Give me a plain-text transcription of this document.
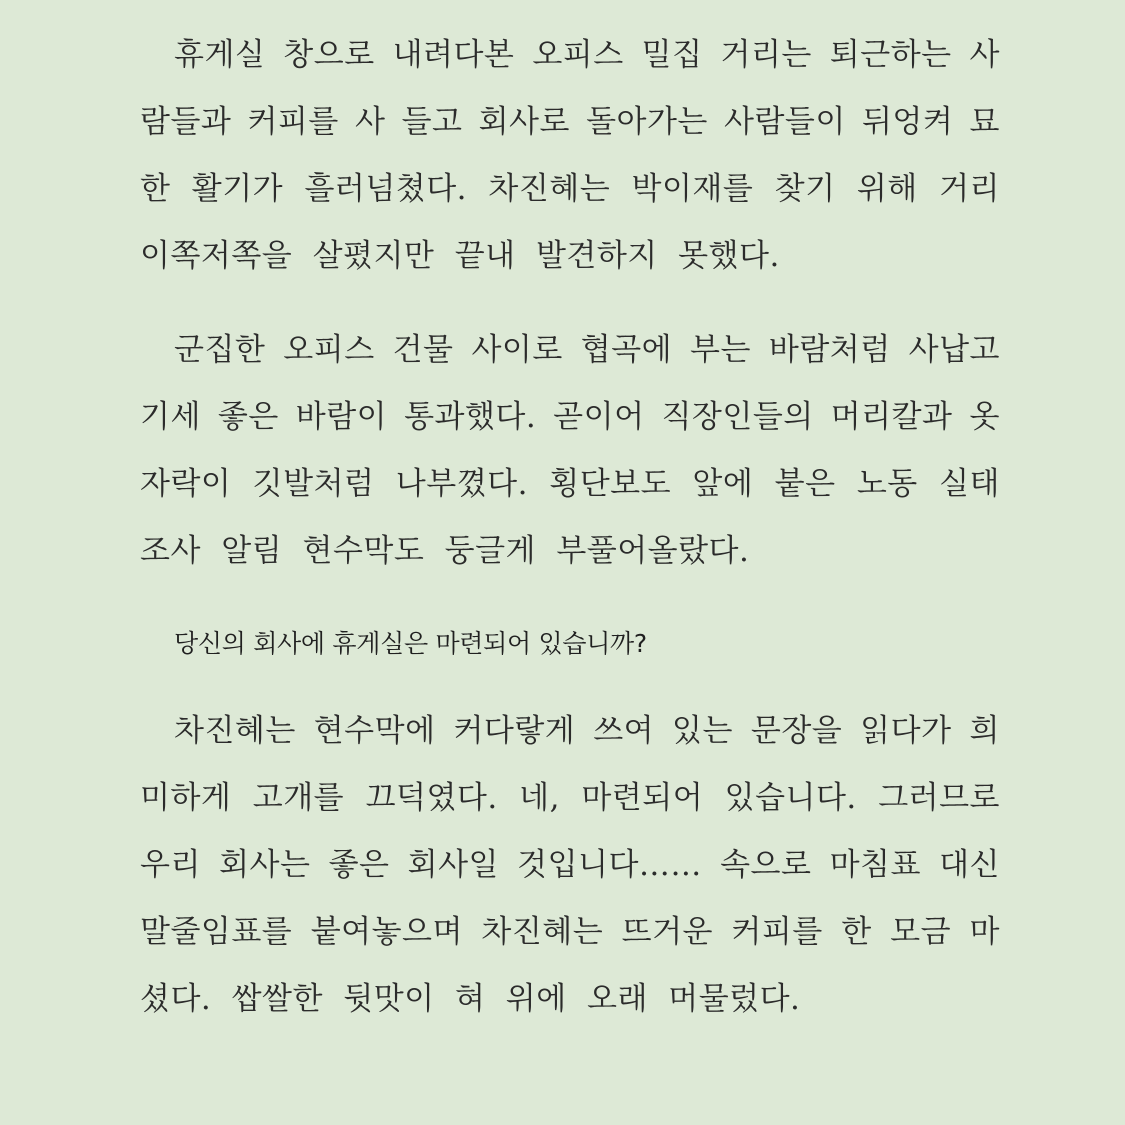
휴게실 창으로 내려다본 오피스 밀집 거리는 퇴근하는 사
람들과 커피를 사 들고 회사로 돌아가는 사람들이 뒤엉켜 묘
한 활기가 흘러넘쳤다. 차진혜는 박이재를 찾기 위해 거리
이쪽저쪽을 살폈지만 끝내 발견하지 못했다.
군집한 오피스 건물 사이로 협곡에 부는 바람처럼 사납고
기세 좋은 바람이 통과했다. 곧이어 직장인들의 머리칼과 옷
자락이 깃발처럼 나부꼈다. 횡단보도 앞에 붙은 노동 실태
조사 알림 현수막도 둥글게 부풀어올랐다.
당신의 회사에 휴게실은 마련되어 있습니까?
차진혜는 현수막에 커다랗게 쓰여 있는 문장을 읽다가 희
미하게 고개를 끄덕였다. 네, 마련되어 있습니다. 그러므로
우리 회사는 좋은 회사일 것입니다…… 속으로 마침표 대신
말줄임표를 붙여놓으며 차진혜는 뜨거운 커피를 한 모금 마
셨다. 쌉쌀한 뒷맛이 혀 위에 오래 머물렀다.
